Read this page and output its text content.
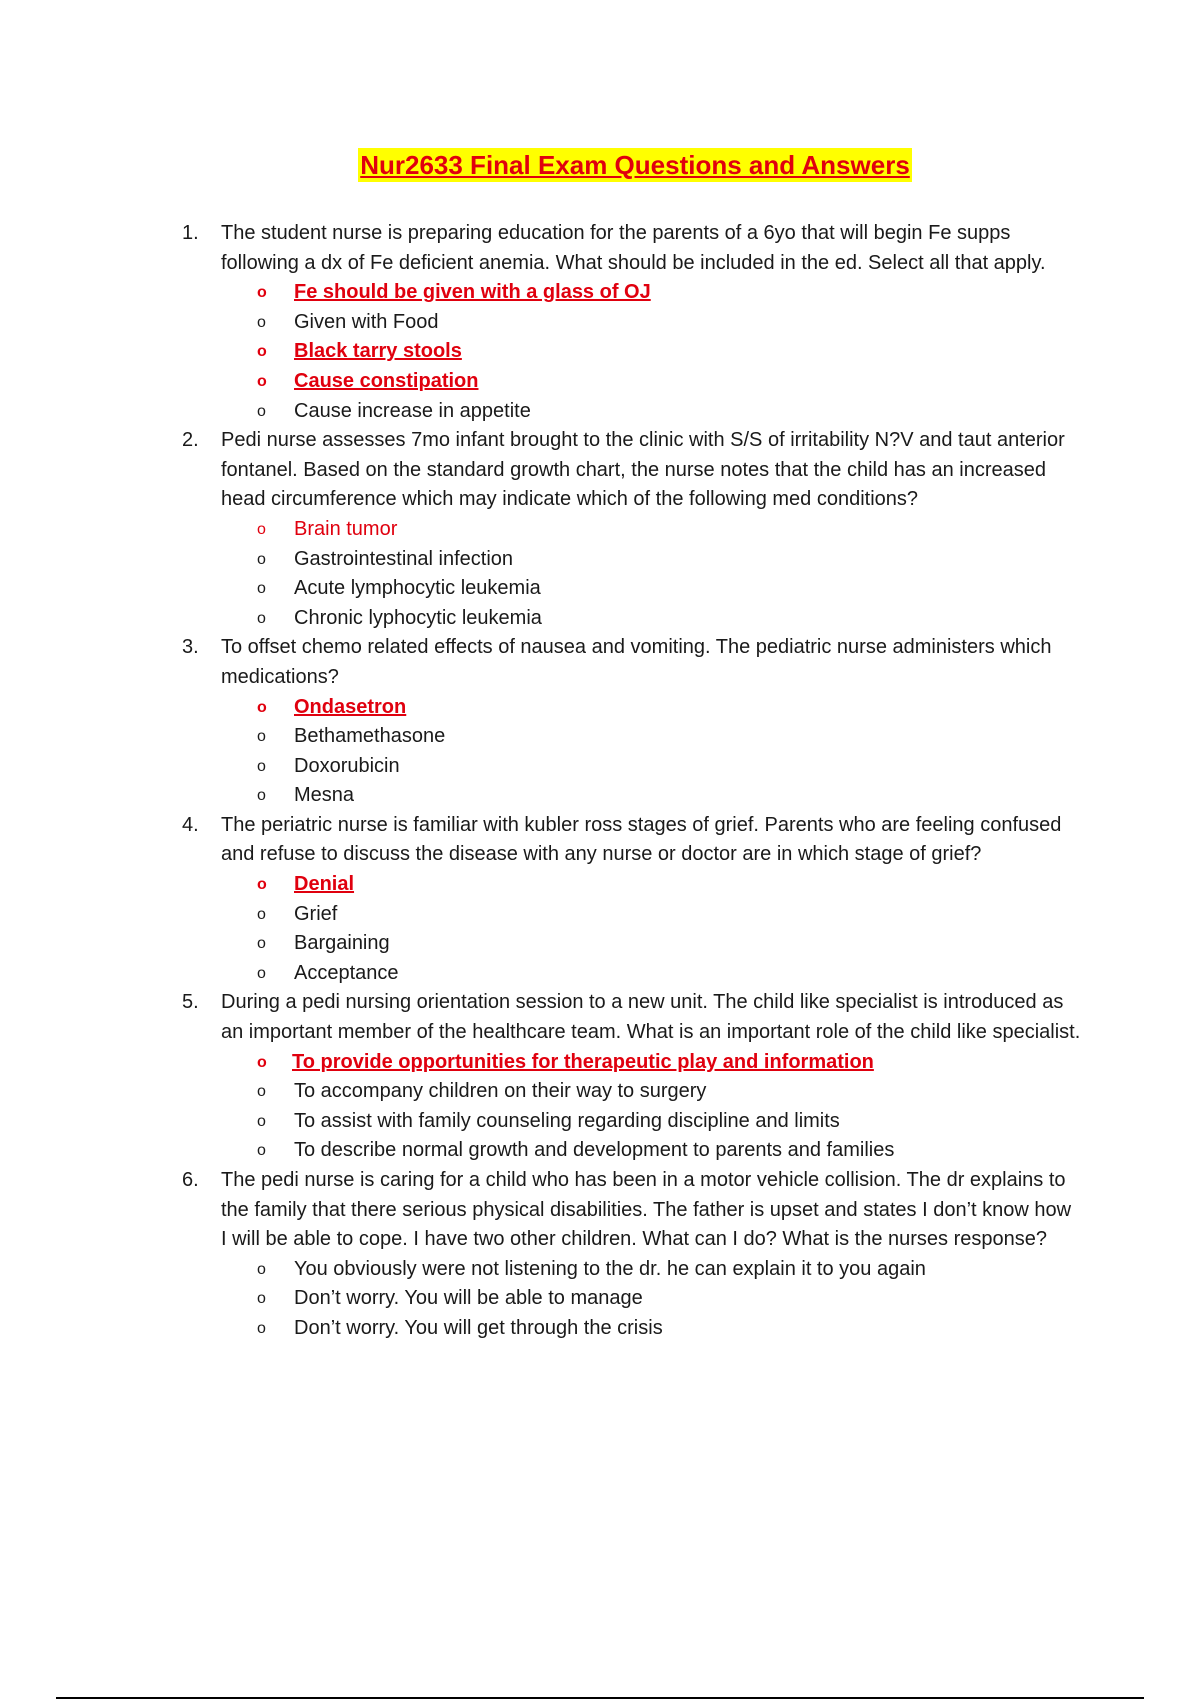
Nur2633 Final Exam Questions and Answers
1. The student nurse is preparing education for the parents of a 6yo that will begin Fe supps following a dx of Fe deficient anemia. What should be included in the ed. Select all that apply.
o Fe should be given with a glass of OJ
o Given with Food
o Black tarry stools
o Cause constipation
o Cause increase in appetite
2. Pedi nurse assesses 7mo infant brought to the clinic with S/S of irritability N?V and taut anterior fontanel. Based on the standard growth chart, the nurse notes that the child has an increased head circumference which may indicate which of the following med conditions?
o Brain tumor
o Gastrointestinal infection
o Acute lymphocytic leukemia
o Chronic lyphocytic leukemia
3. To offset chemo related effects of nausea and vomiting. The pediatric nurse administers which medications?
o Ondasetron
o Bethamethasone
o Doxorubicin
o Mesna
4. The periatric nurse is familiar with kubler ross stages of grief. Parents who are feeling confused and refuse to discuss the disease with any nurse or doctor are in which stage of grief?
o Denial
o Grief
o Bargaining
o Acceptance
5. During a pedi nursing orientation session to a new unit. The child like specialist is introduced as an important member of the healthcare team. What is an important role of the child like specialist.
o To provide opportunities for therapeutic play and information
o To accompany children on their way to surgery
o To assist with family counseling regarding discipline and limits
o To describe normal growth and development to parents and families
6. The pedi nurse is caring for a child who has been in a motor vehicle collision. The dr explains to the family that there serious physical disabilities. The father is upset and states I don’t know how I will be able to cope. I have two other children. What can I do? What is the nurses response?
o You obviously were not listening to the dr. he can explain it to you again
o Don’t worry. You will be able to manage
o Don’t worry. You will get through the crisis
